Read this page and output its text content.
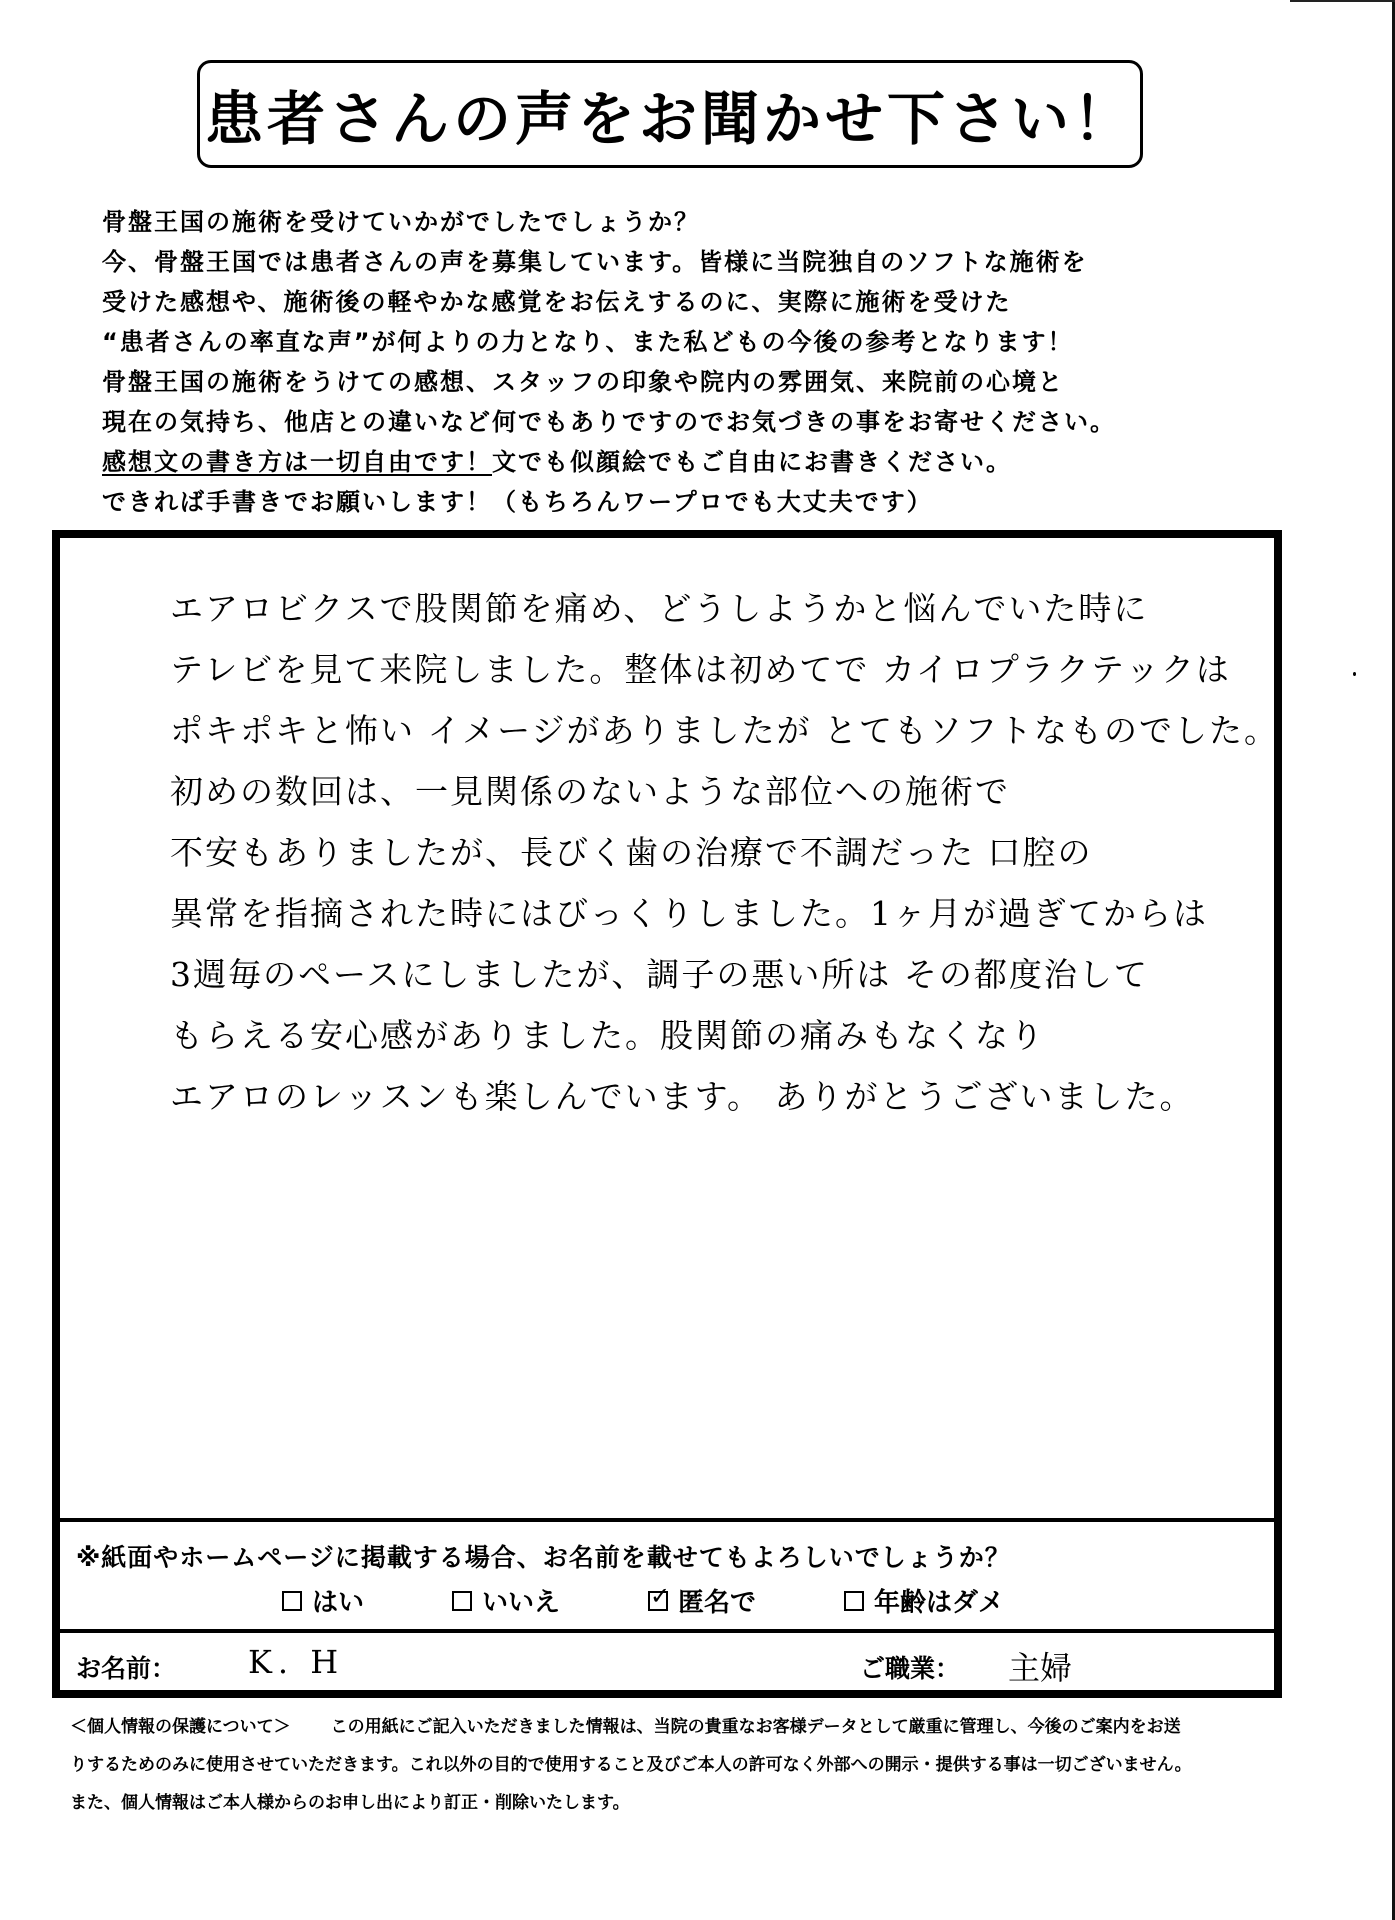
患者さんの声をお聞かせ下さい！
骨盤王国の施術を受けていかがでしたでしょうか？
今、骨盤王国では患者さんの声を募集しています。皆様に当院独自のソフトな施術を
受けた感想や、施術後の軽やかな感覚をお伝えするのに、実際に施術を受けた
“患者さんの率直な声”が何よりの力となり、また私どもの今後の参考となります！
骨盤王国の施術をうけての感想、スタッフの印象や院内の雰囲気、来院前の心境と
現在の気持ち、他店との違いなど何でもありですのでお気づきの事をお寄せください。
感想文の書き方は一切自由です！文でも似顔絵でもご自由にお書きください。
できれば手書きでお願いします！（もちろんワープロでも大丈夫です）
エアロビクスで股関節を痛め、どうしようかと悩んでいた時に
テレビを見て来院しました。整体は初めてで カイロプラクテックは
ポキポキと怖い イメージがありましたが とてもソフトなものでした。
初めの数回は、一見関係のないような部位への施術で
不安もありましたが、長びく歯の治療で不調だった 口腔の
異常を指摘された時にはびっくりしました。1ヶ月が過ぎてからは
3週毎のペースにしましたが、調子の悪い所は その都度治して
もらえる安心感がありました。股関節の痛みもなくなり
エアロのレッスンも楽しんでいます。 ありがとうございました。
※紙面やホームページに掲載する場合、お名前を載せてもよろしいでしょうか？
はい	いいえ	✓ 匿名で	年齢はダメ
お名前： K. H	ご職業： 主婦
＜個人情報の保護について＞ この用紙にご記入いただきました情報は、当院の貴重なお客様データとして厳重に管理し、今後のご案内をお送
りするためのみに使用させていただきます。これ以外の目的で使用すること及びご本人の許可なく外部への開示・提供する事は一切ございません。
また、個人情報はご本人様からのお申し出により訂正・削除いたします。
